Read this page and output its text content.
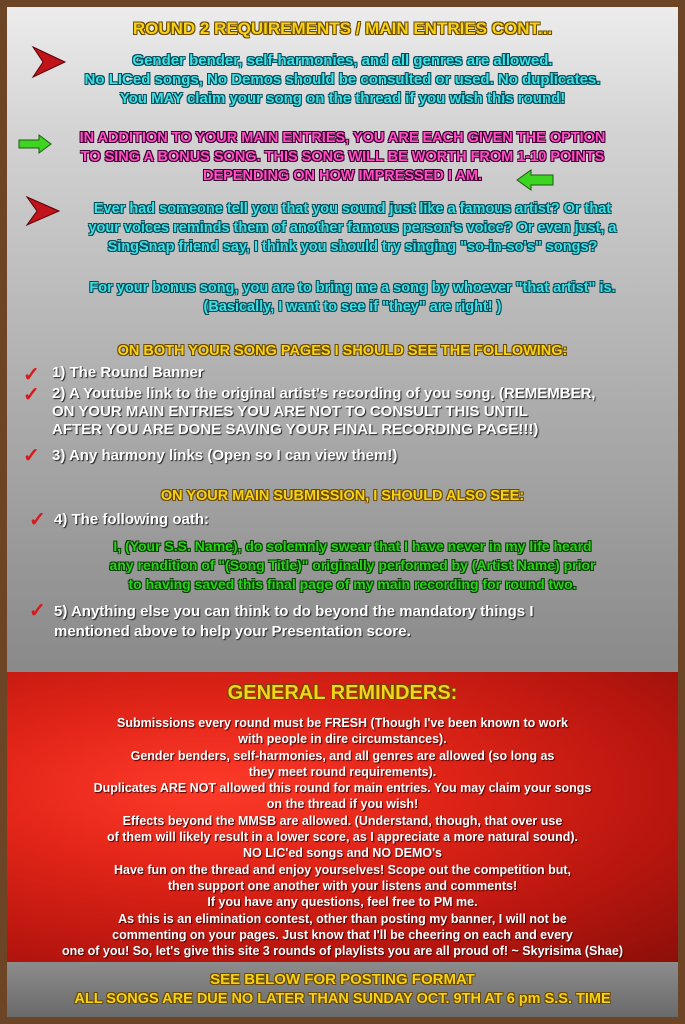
ROUND 2 REQUIREMENTS / MAIN ENTRIES CONT...
Gender bender, self-harmonies, and all genres are allowed.
No LICed songs, No Demos should be consulted or used. No duplicates.
You MAY claim your song on the thread if you wish this round!
IN ADDITION TO YOUR MAIN ENTRIES, YOU ARE EACH GIVEN THE OPTION
TO SING A BONUS SONG. THIS SONG WILL BE WORTH FROM 1-10 POINTS
DEPENDING ON HOW IMPRESSED I AM.
Ever had someone tell you that you sound just like a famous artist? Or that
your voices reminds them of another famous person's voice? Or even just, a
SingSnap friend say, I think you should try singing "so-in-so's" songs?
For your bonus song, you are to bring me a song by whoever "that artist" is.
(Basically, I want to see if "they" are right! )
ON BOTH YOUR SONG PAGES I SHOULD SEE THE FOLLOWING:
✓ 1) The Round Banner
✓ 2) A Youtube link to the original artist's recording of you song. (REMEMBER,
ON YOUR MAIN ENTRIES YOU ARE NOT TO CONSULT THIS UNTIL
AFTER YOU ARE DONE SAVING YOUR FINAL RECORDING PAGE!!!)
✓ 3) Any harmony links (Open so I can view them!)
ON YOUR MAIN SUBMISSION, I SHOULD ALSO SEE:
✓ 4) The following oath:
I, (Your S.S. Name), do solemnly swear that I have never in my life heard
any rendition of "(Song Title)" originally performed by (Artist Name) prior
to having saved this final page of my main recording for round two.
✓ 5) Anything else you can think to do beyond the mandatory things I
mentioned above to help your Presentation score.
GENERAL REMINDERS:
Submissions every round must be FRESH (Though I've been known to work
with people in dire circumstances).
Gender benders, self-harmonies, and all genres are allowed (so long as
they meet round requirements).
Duplicates ARE NOT allowed this round for main entries. You may claim your songs
on the thread if you wish!
Effects beyond the MMSB are allowed. (Understand, though, that over use
of them will likely result in a lower score, as I appreciate a more natural sound).
NO LIC'ed songs and NO DEMO's
Have fun on the thread and enjoy yourselves! Scope out the competition but,
then support one another with your listens and comments!
If you have any questions, feel free to PM me.
As this is an elimination contest, other than posting my banner, I will not be
commenting on your pages. Just know that I'll be cheering on each and every
one of you! So, let's give this site 3 rounds of playlists you are all proud of! ~ Skyrisima (Shae)
SEE BELOW FOR POSTING FORMAT
ALL SONGS ARE DUE NO LATER THAN SUNDAY OCT. 9TH AT 6 pm S.S. TIME
